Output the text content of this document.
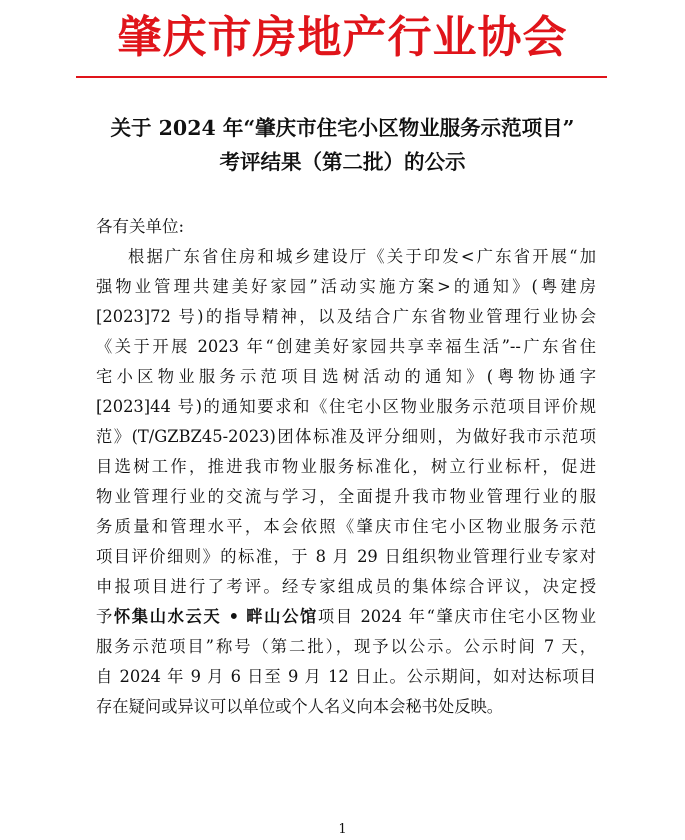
肇庆市房地产行业协会
关于 2024 年“肇庆市住宅小区物业服务示范项目”
考评结果（第二批）的公示
各有关单位:
根据广东省住房和城乡建设厅《关于印发<广东省开展“加
强物业管理共建美好家园”活动实施方案>的通知》(粤建房
[2023]72 号)的指导精神，以及结合广东省物业管理行业协会
《关于开展 2023 年“创建美好家园共享幸福生活”--广东省住
宅小区物业服务示范项目选树活动的通知》(粤物协通字
[2023]44 号)的通知要求和《住宅小区物业服务示范项目评价规
范》(T/GZBZ45-2023)团体标准及评分细则，为做好我市示范项
目选树工作，推进我市物业服务标准化，树立行业标杆，促进
物业管理行业的交流与学习，全面提升我市物业管理行业的服
务质量和管理水平，本会依照《肇庆市住宅小区物业服务示范
项目评价细则》的标准，于 8 月 29 日组织物业管理行业专家对
申报项目进行了考评。经专家组成员的集体综合评议，决定授
予怀集山水云天 • 畔山公馆项目 2024 年“肇庆市住宅小区物业
服务示范项目”称号（第二批），现予以公示。公示时间 7 天，
自 2024 年 9 月 6 日至 9 月 12 日止。公示期间，如对达标项目
存在疑问或异议可以单位或个人名义向本会秘书处反映。
1
